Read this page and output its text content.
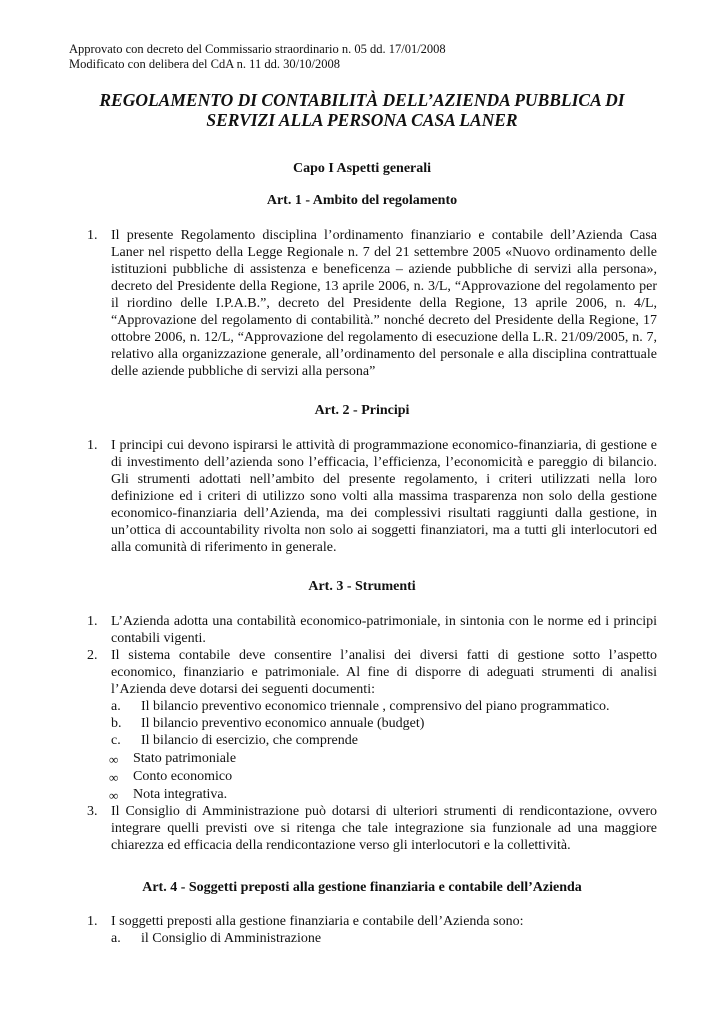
Approvato con decreto del Commissario straordinario n. 05 dd. 17/01/2008
Modificato con delibera del CdA n. 11 dd. 30/10/2008
REGOLAMENTO DI CONTABILITÀ DELL’AZIENDA PUBBLICA DI
SERVIZI ALLA PERSONA CASA LANER
Capo I Aspetti generali
Art. 1 - Ambito del regolamento
1. Il presente Regolamento disciplina l’ordinamento finanziario e contabile dell’Azienda Casa Laner nel rispetto della Legge Regionale n. 7 del 21 settembre 2005 «Nuovo ordinamento delle istituzioni pubbliche di assistenza e beneficenza – aziende pubbliche di servizi alla persona», decreto del Presidente della Regione, 13 aprile 2006, n. 3/L, “Approvazione del regolamento per il riordino delle I.P.A.B.”, decreto del Presidente della Regione, 13 aprile 2006, n. 4/L, “Approvazione del regolamento di contabilità.” nonché decreto del Presidente della Regione, 17 ottobre 2006, n. 12/L, “Approvazione del regolamento di esecuzione della L.R. 21/09/2005, n. 7, relativo alla organizzazione generale, all’ordinamento del personale e alla disciplina contrattuale delle aziende pubbliche di servizi alla persona”
Art. 2 - Principi
1. I principi cui devono ispirarsi le attività di programmazione economico-finanziaria, di gestione e di investimento dell’azienda sono l’efficacia, l’efficienza, l’economicità e pareggio di bilancio. Gli strumenti adottati nell’ambito del presente regolamento, i criteri utilizzati nella loro definizione ed i criteri di utilizzo sono volti alla massima trasparenza non solo della gestione economico-finanziaria dell’Azienda, ma dei complessivi risultati raggiunti dalla gestione, in un’ottica di accountability rivolta non solo ai soggetti finanziatori, ma a tutti gli interlocutori ed alla comunità di riferimento in generale.
Art. 3 - Strumenti
1. L’Azienda adotta una contabilità economico-patrimoniale, in sintonia con le norme ed i principi contabili vigenti.
2. Il sistema contabile deve consentire l’analisi dei diversi fatti di gestione sotto l’aspetto economico, finanziario e patrimoniale. Al fine di disporre di adeguati strumenti di analisi l’Azienda deve dotarsi dei seguenti documenti:
a. Il bilancio preventivo economico triennale , comprensivo del piano programmatico.
b. Il bilancio preventivo economico annuale (budget)
c. Il bilancio di esercizio, che comprende
∞ Stato patrimoniale
∞ Conto economico
∞ Nota integrativa.
3. Il Consiglio di Amministrazione può dotarsi di ulteriori strumenti di rendicontazione, ovvero integrare quelli previsti ove si ritenga che tale integrazione sia funzionale ad una maggiore chiarezza ed efficacia della rendicontazione verso gli interlocutori e la collettività.
Art. 4 - Soggetti preposti alla gestione finanziaria e contabile dell’Azienda
1. I soggetti preposti alla gestione finanziaria e contabile dell’Azienda sono:
a. il Consiglio di Amministrazione
